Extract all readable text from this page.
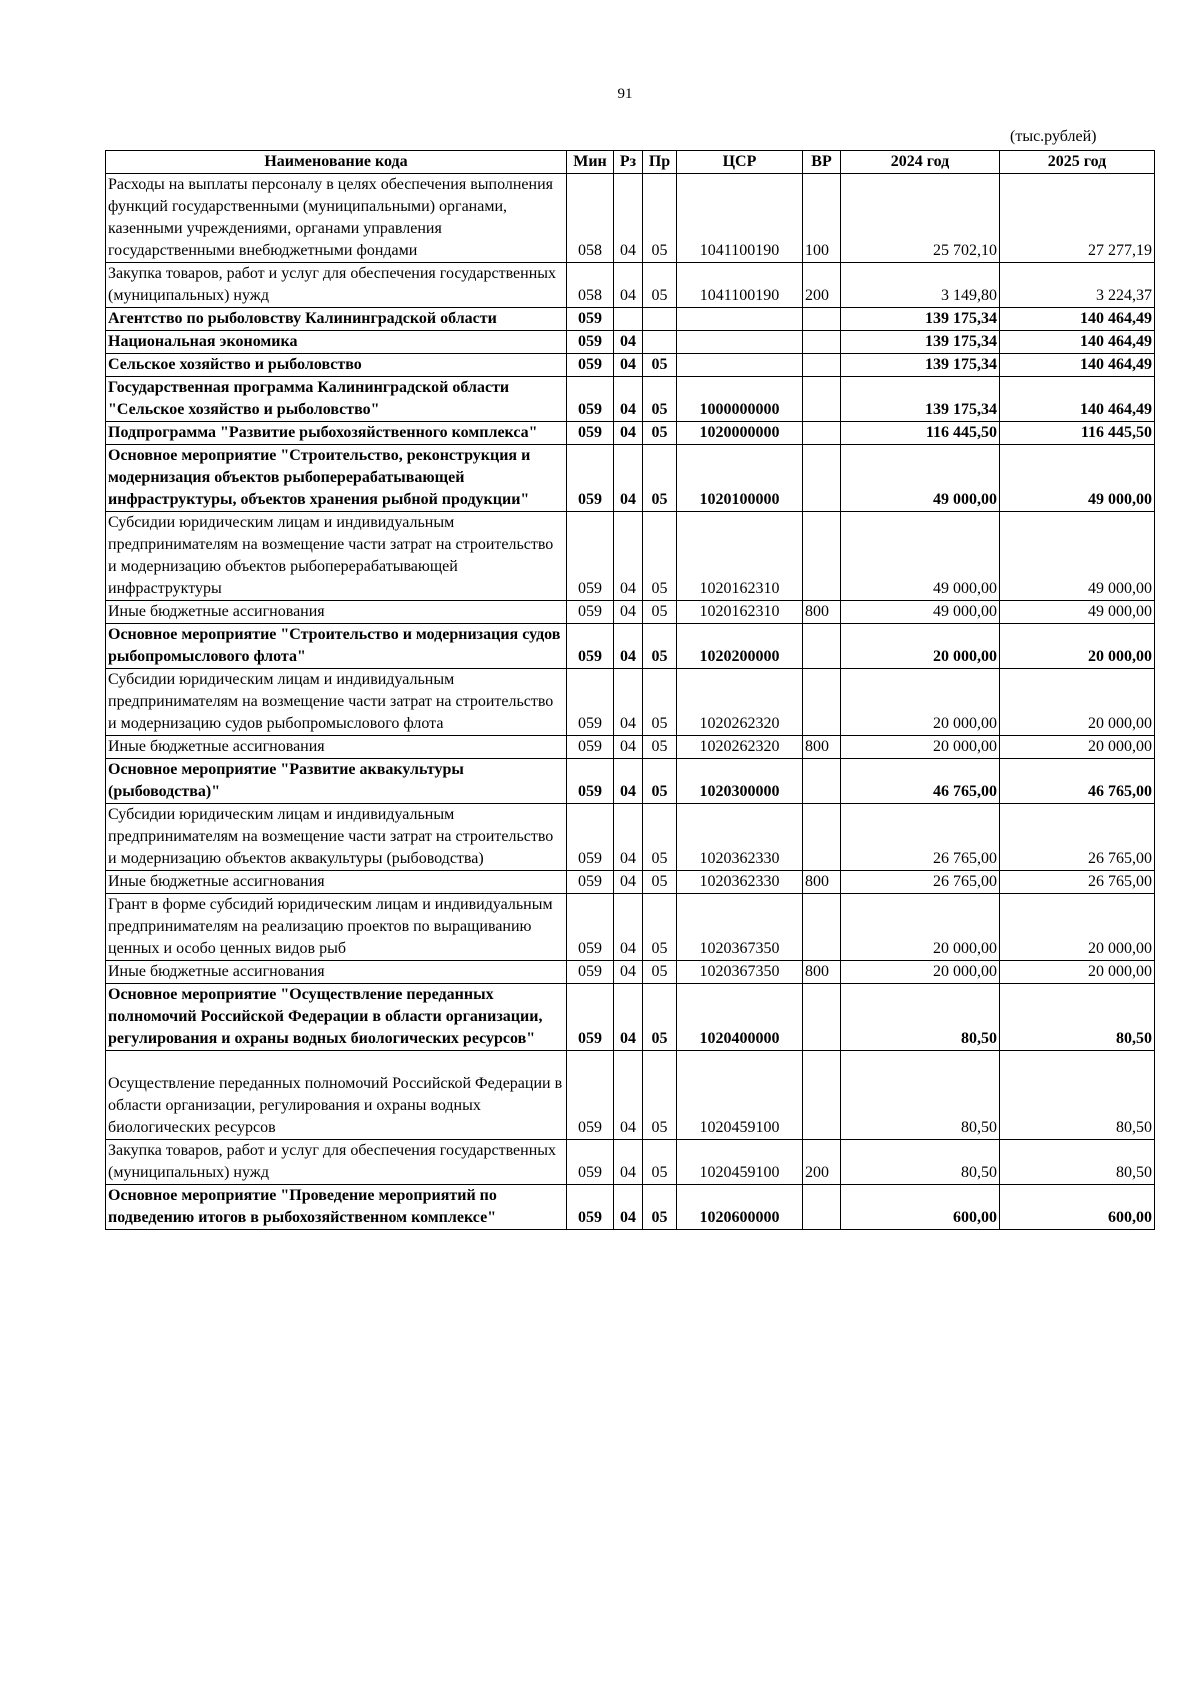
91
(тыс.рублей)
Наименование кода	Мин	Рз	Пр	ЦСР	ВР	2024 год	2025 год
Расходы на выплаты персоналу в целях обеспечения выполнения функций государственными (муниципальными) органами, казенными учреждениями, органами управления государственными внебюджетными фондами	058	04	05	1041100190	100	25 702,10	27 277,19
Закупка товаров, работ и услуг для обеспечения государственных (муниципальных) нужд	058	04	05	1041100190	200	3 149,80	3 224,37
Агентство по рыболовству Калининградской области	059					139 175,34	140 464,49
Национальная экономика	059	04				139 175,34	140 464,49
Сельское хозяйство и рыболовство	059	04	05			139 175,34	140 464,49
Государственная программа Калининградской области "Сельское хозяйство и рыболовство"	059	04	05	1000000000		139 175,34	140 464,49
Подпрограмма "Развитие рыбохозяйственного комплекса"	059	04	05	1020000000		116 445,50	116 445,50
Основное мероприятие "Строительство, реконструкция и модернизация объектов рыбоперерабатывающей инфраструктуры, объектов хранения рыбной продукции"	059	04	05	1020100000		49 000,00	49 000,00
Субсидии юридическим лицам и индивидуальным предпринимателям на возмещение части затрат на строительство и модернизацию объектов рыбоперерабатывающей инфраструктуры	059	04	05	1020162310		49 000,00	49 000,00
Иные бюджетные ассигнования	059	04	05	1020162310	800	49 000,00	49 000,00
Основное мероприятие "Строительство и модернизация судов рыбопромыслового флота"	059	04	05	1020200000		20 000,00	20 000,00
Субсидии юридическим лицам и индивидуальным предпринимателям на возмещение части затрат на строительство и модернизацию судов рыбопромыслового флота	059	04	05	1020262320		20 000,00	20 000,00
Иные бюджетные ассигнования	059	04	05	1020262320	800	20 000,00	20 000,00
Основное мероприятие "Развитие аквакультуры (рыбоводства)"	059	04	05	1020300000		46 765,00	46 765,00
Субсидии юридическим лицам и индивидуальным предпринимателям на возмещение части затрат на строительство и модернизацию объектов аквакультуры (рыбоводства)	059	04	05	1020362330		26 765,00	26 765,00
Иные бюджетные ассигнования	059	04	05	1020362330	800	26 765,00	26 765,00
Грант в форме субсидий юридическим лицам и индивидуальным предпринимателям на реализацию проектов по выращиванию ценных и особо ценных видов рыб	059	04	05	1020367350		20 000,00	20 000,00
Иные бюджетные ассигнования	059	04	05	1020367350	800	20 000,00	20 000,00
Основное мероприятие "Осуществление переданных полномочий Российской Федерации в области организации, регулирования и охраны водных биологических ресурсов"	059	04	05	1020400000		80,50	80,50
Осуществление переданных полномочий Российской Федерации в области организации, регулирования и охраны водных биологических ресурсов	059	04	05	1020459100		80,50	80,50
Закупка товаров, работ и услуг для обеспечения государственных (муниципальных) нужд	059	04	05	1020459100	200	80,50	80,50
Основное мероприятие "Проведение мероприятий по подведению итогов в рыбохозяйственном комплексе"	059	04	05	1020600000		600,00	600,00
